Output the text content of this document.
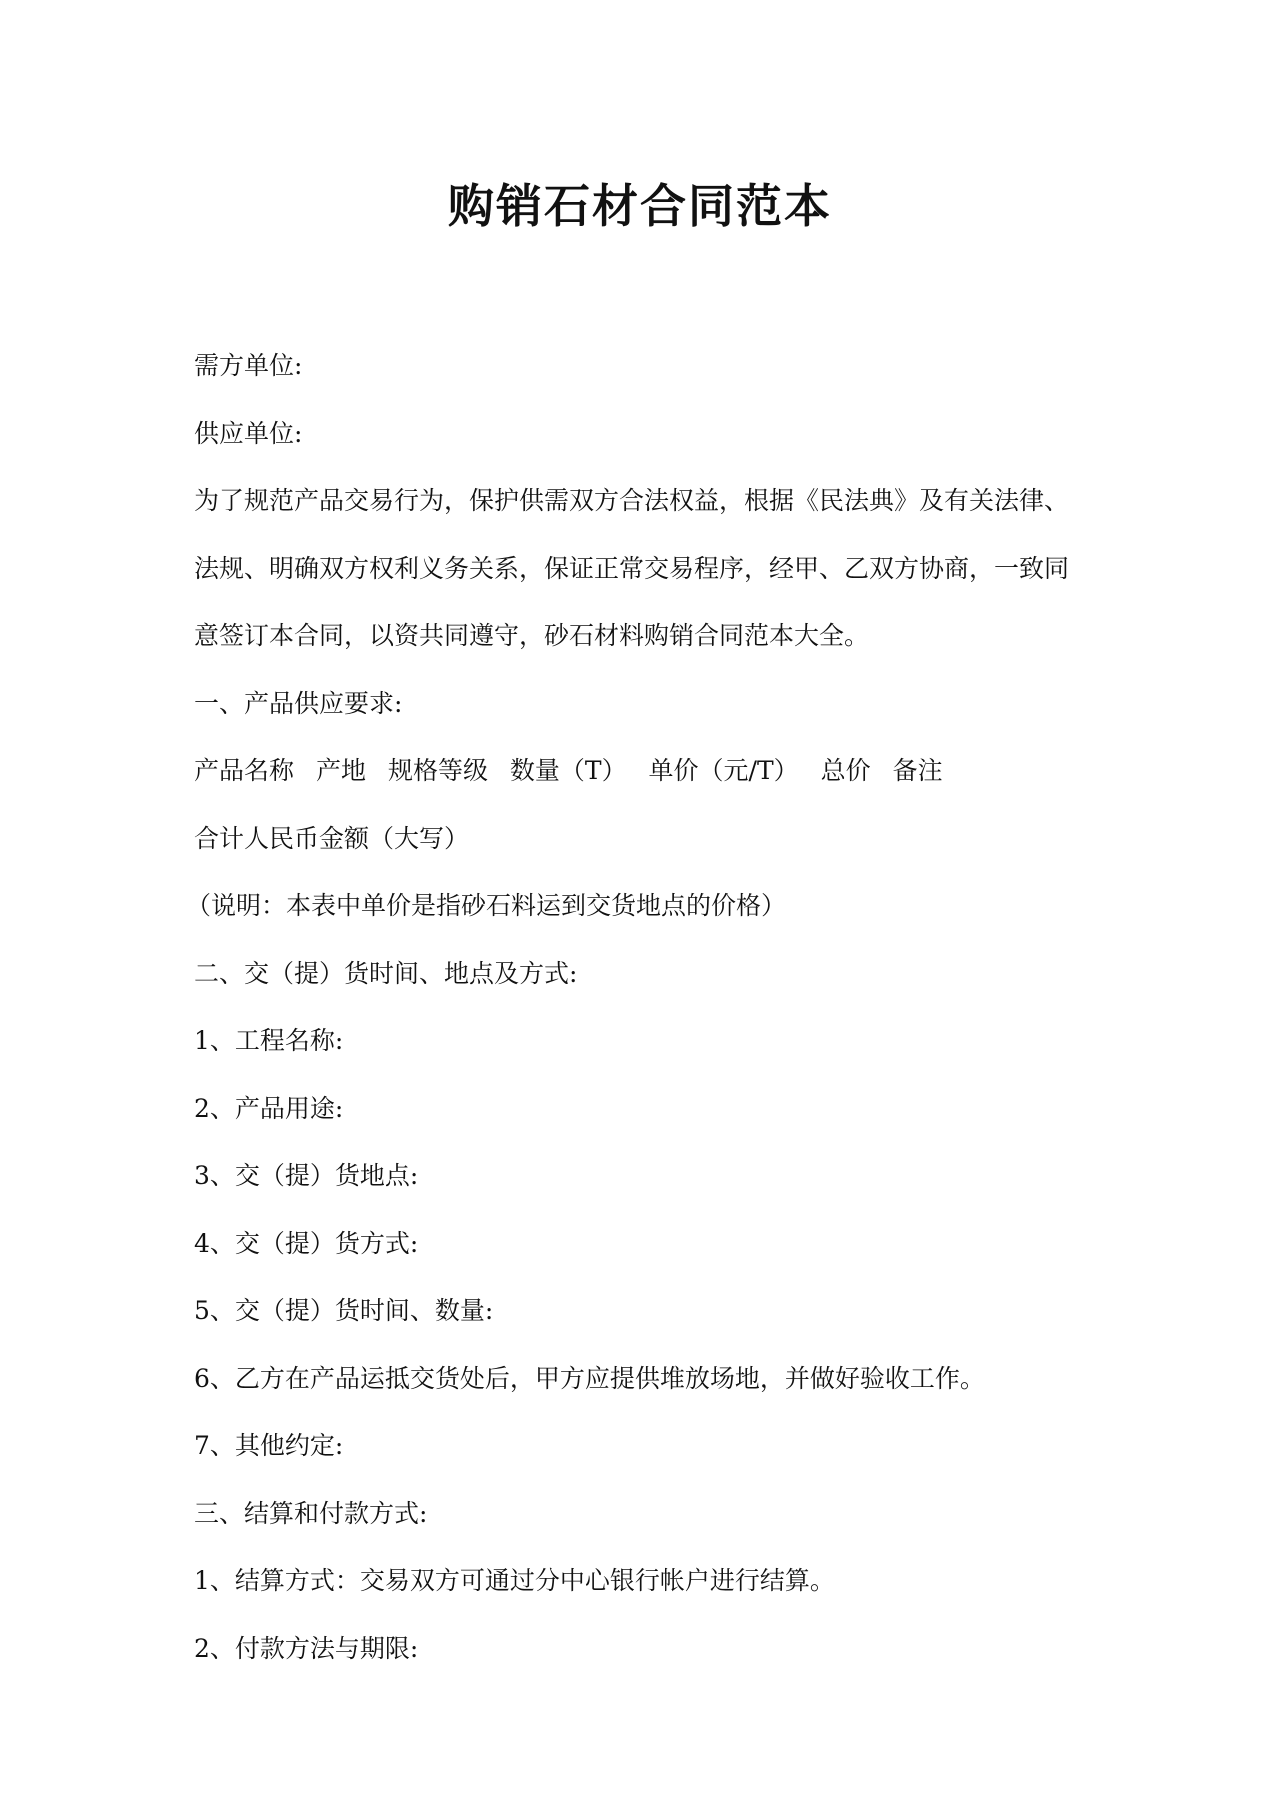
购销石材合同范本
需方单位:
供应单位:
为了规范产品交易行为，保护供需双方合法权益，根据《民法典》及有关法律、
法规、明确双方权利义务关系，保证正常交易程序，经甲、乙双方协商，一致同
意签订本合同，以资共同遵守，砂石材料购销合同范本大全。
一、产品供应要求:
产品名称 产地 规格等级 数量（T） 单价（元/T） 总价 备注
合计人民币金额（大写）
（说明：本表中单价是指砂石料运到交货地点的价格）
二、交（提）货时间、地点及方式:
1、工程名称:
2、产品用途:
3、交（提）货地点:
4、交（提）货方式:
5、交（提）货时间、数量:
6、乙方在产品运抵交货处后，甲方应提供堆放场地，并做好验收工作。
7、其他约定:
三、结算和付款方式:
1、结算方式：交易双方可通过分中心银行帐户进行结算。
2、付款方法与期限:
